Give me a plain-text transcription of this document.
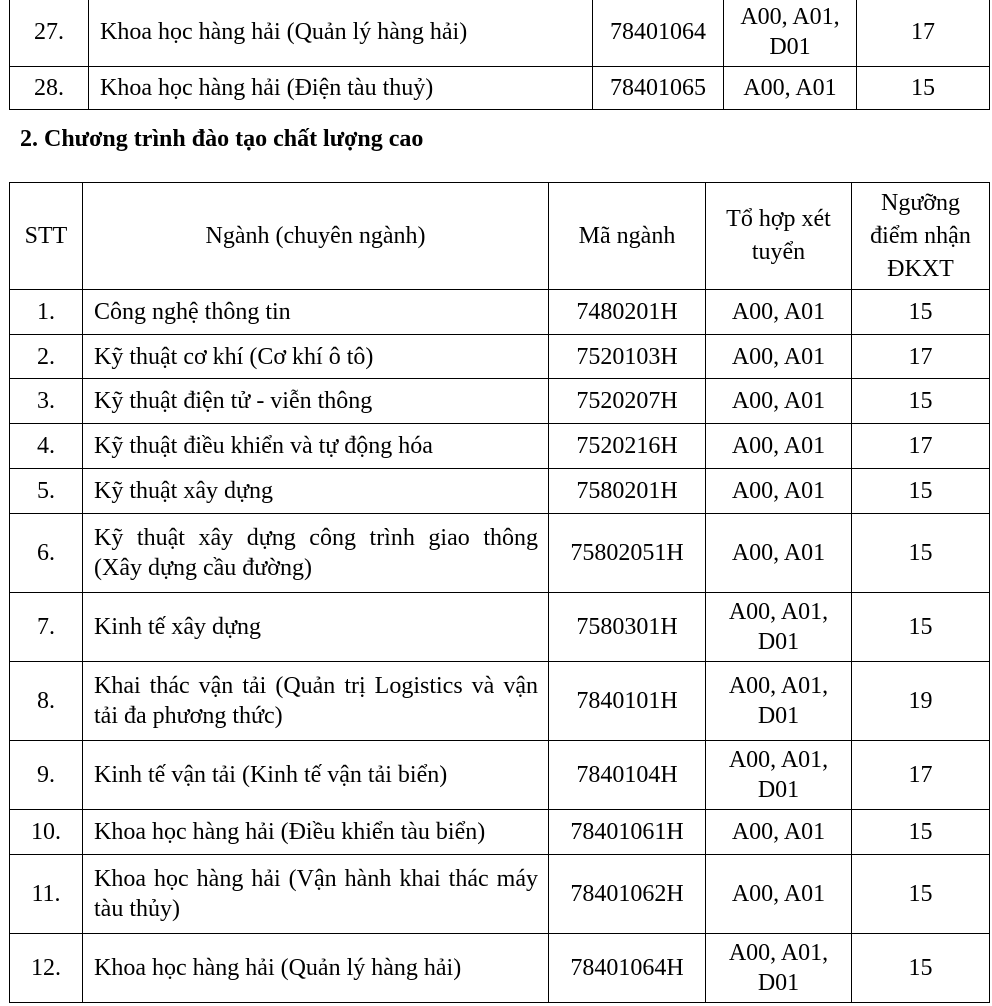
27.	Khoa học hàng hải (Quản lý hàng hải)	78401064	A00, A01, D01	17
28.	Khoa học hàng hải (Điện tàu thuỷ)	78401065	A00, A01	15
2. Chương trình đào tạo chất lượng cao
STT	Ngành (chuyên ngành)	Mã ngành	Tổ hợp xét tuyển	Ngưỡng điểm nhận ĐKXT
1.	Công nghệ thông tin	7480201H	A00, A01	15
2.	Kỹ thuật cơ khí (Cơ khí ô tô)	7520103H	A00, A01	17
3.	Kỹ thuật điện tử - viễn thông	7520207H	A00, A01	15
4.	Kỹ thuật điều khiển và tự động hóa	7520216H	A00, A01	17
5.	Kỹ thuật xây dựng	7580201H	A00, A01	15
6.	Kỹ thuật xây dựng công trình giao thông (Xây dựng cầu đường)	75802051H	A00, A01	15
7.	Kinh tế xây dựng	7580301H	A00, A01, D01	15
8.	Khai thác vận tải (Quản trị Logistics và vận tải đa phương thức)	7840101H	A00, A01, D01	19
9.	Kinh tế vận tải (Kinh tế vận tải biển)	7840104H	A00, A01, D01	17
10.	Khoa học hàng hải (Điều khiển tàu biển)	78401061H	A00, A01	15
11.	Khoa học hàng hải (Vận hành khai thác máy tàu thủy)	78401062H	A00, A01	15
12.	Khoa học hàng hải (Quản lý hàng hải)	78401064H	A00, A01, D01	15
